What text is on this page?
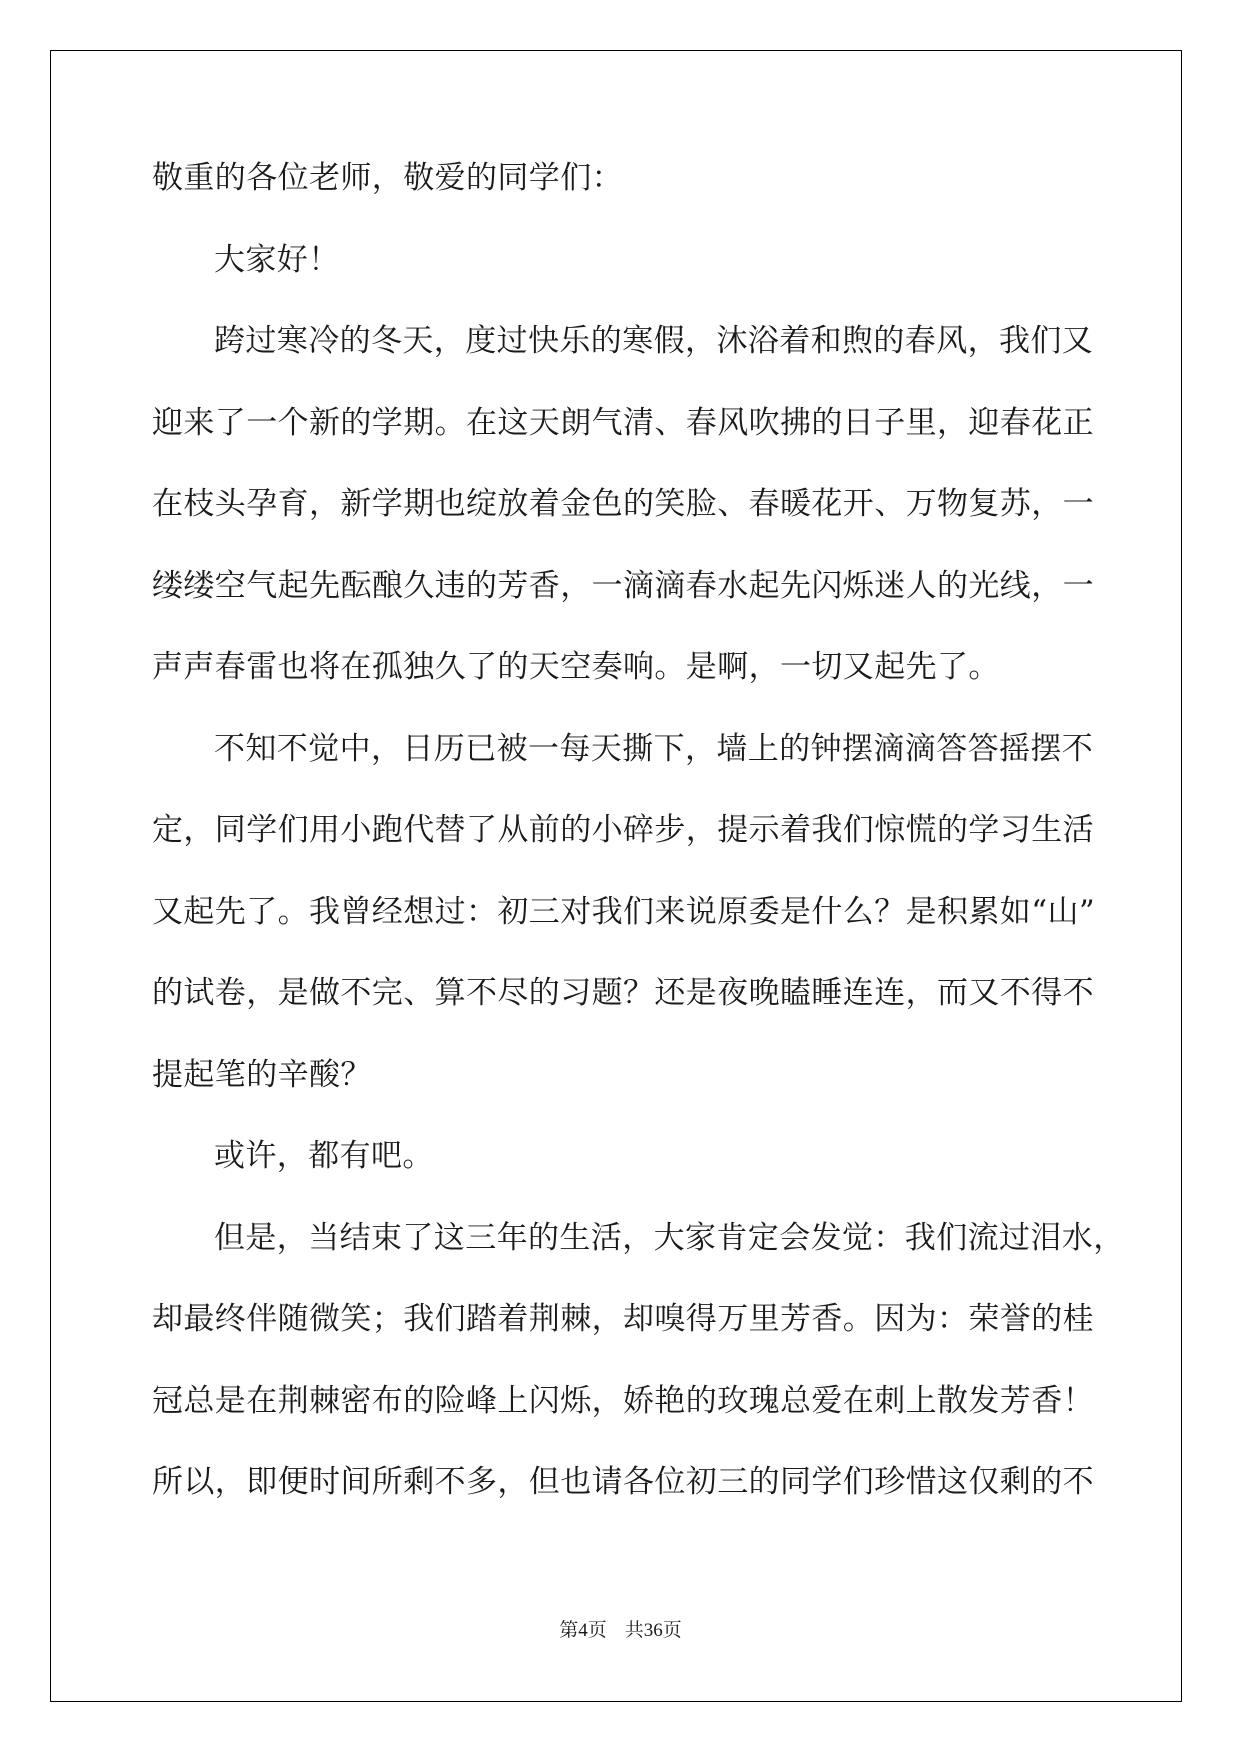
敬重的各位老师，敬爱的同学们：
大家好！
跨过寒冷的冬天，度过快乐的寒假，沐浴着和煦的春风，我们又
迎来了一个新的学期。在这天朗气清、春风吹拂的日子里，迎春花正
在枝头孕育，新学期也绽放着金色的笑脸、春暖花开、万物复苏，一
缕缕空气起先酝酿久违的芳香，一滴滴春水起先闪烁迷人的光线，一
声声春雷也将在孤独久了的天空奏响。是啊，一切又起先了。
不知不觉中，日历已被一每天撕下，墙上的钟摆滴滴答答摇摆不
定，同学们用小跑代替了从前的小碎步，提示着我们惊慌的学习生活
又起先了。我曾经想过：初三对我们来说原委是什么？是积累如“山”
的试卷，是做不完、算不尽的习题？还是夜晚瞌睡连连，而又不得不
提起笔的辛酸？
或许，都有吧。
但是，当结束了这三年的生活，大家肯定会发觉：我们流过泪水，
却最终伴随微笑；我们踏着荆棘，却嗅得万里芳香。因为：荣誉的桂
冠总是在荆棘密布的险峰上闪烁，娇艳的玫瑰总爱在刺上散发芳香！
所以，即便时间所剩不多，但也请各位初三的同学们珍惜这仅剩的不
第4页 共36页
